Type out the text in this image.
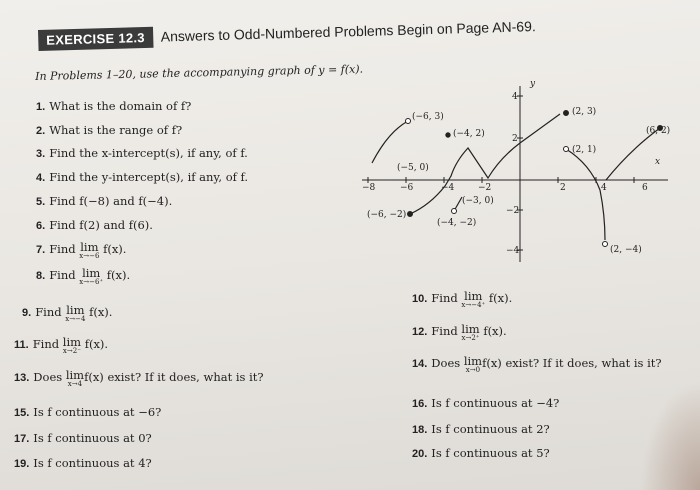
EXERCISE 12.3 Answers to Odd-Numbered Problems Begin on Page AN-69.
In Problems 1–20, use the accompanying graph of y = f(x).
1. What is the domain of f?
2. What is the range of f?
3. Find the x-intercept(s), if any, of f.
4. Find the y-intercept(s), if any, of f.
5. Find f(−8) and f(−4).
6. Find f(2) and f(6).
7. Find lim
x→−6 f(x).
8. Find lim
x→−6⁺ f(x).
9. Find lim
x→−4 f(x).
10. Find lim
x→−4⁺ f(x).
11. Find lim
x→2⁻ f(x).
12. Find lim
x→2⁺ f(x).
13. Does lim
x→4 f(x) exist? If it does, what is it?
14. Does lim
x→0 f(x) exist? If it does, what is it?
15. Is f continuous at −6?
16. Is f continuous at −4?
17. Is f continuous at 0?
18. Is f continuous at 2?
19. Is f continuous at 4?
20. Is f continuous at 5?
−8	−6	−4	−2	2	4	6
4
2
−2
−4
x
y
(−6, 3)
(−4, 2)
(−5, 0)
(−6, −2)
(−3, 0)
(−4, −2)
(2, 3)
(2, 1)
(6, 2)
(2, −4)
